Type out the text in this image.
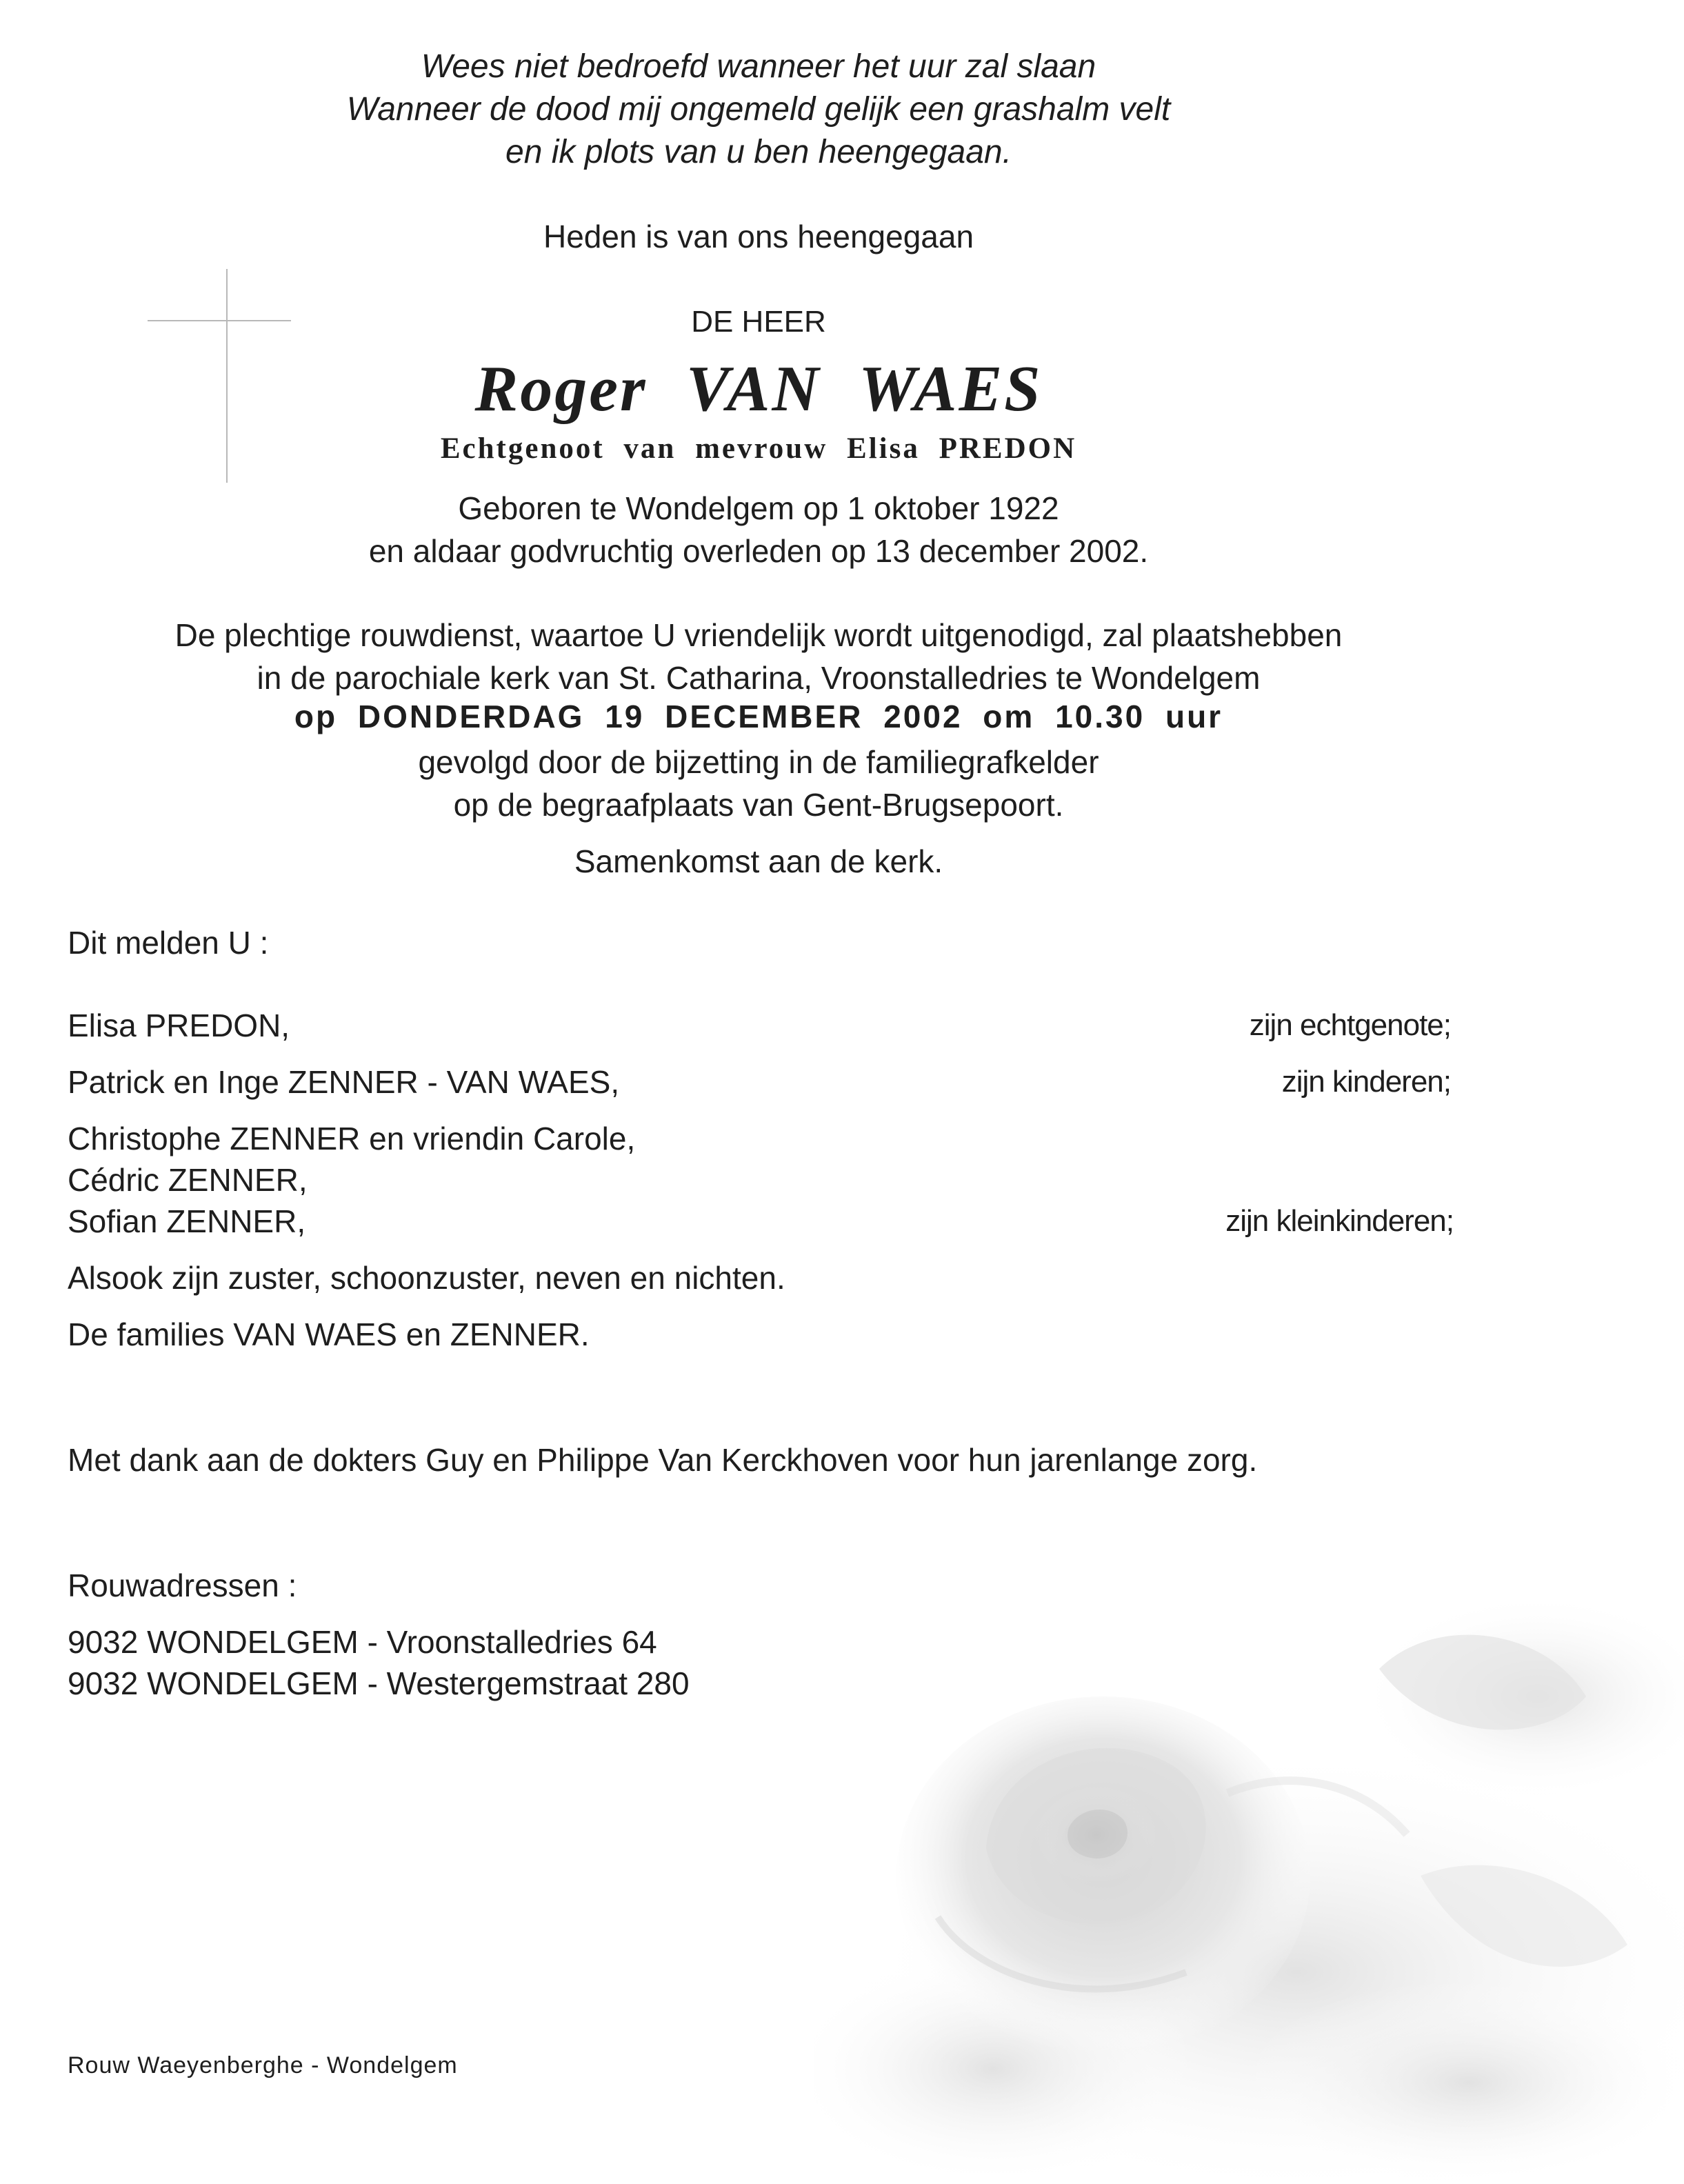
Wees niet bedroefd wanneer het uur zal slaan
Wanneer de dood mij ongemeld gelijk een grashalm velt
en ik plots van u ben heengegaan.
Heden is van ons heengegaan
DE HEER
Roger VAN WAES
Echtgenoot van mevrouw Elisa PREDON
Geboren te Wondelgem op 1 oktober 1922
en aldaar godvruchtig overleden op 13 december 2002.
De plechtige rouwdienst, waartoe U vriendelijk wordt uitgenodigd, zal plaatshebben
in de parochiale kerk van St. Catharina, Vroonstalledries te Wondelgem
op DONDERDAG 19 DECEMBER 2002 om 10.30 uur
gevolgd door de bijzetting in de familiegrafkelder
op de begraafplaats van Gent-Brugsepoort.
Samenkomst aan de kerk.
Dit melden U :
Elisa PREDON,	zijn echtgenote;
Patrick en Inge ZENNER - VAN WAES,	zijn kinderen;
Christophe ZENNER en vriendin Carole,
Cédric ZENNER,
Sofian ZENNER,	zijn kleinkinderen;
Alsook zijn zuster, schoonzuster, neven en nichten.
De families VAN WAES en ZENNER.
Met dank aan de dokters Guy en Philippe Van Kerckhoven voor hun jarenlange zorg.
Rouwadressen :
9032 WONDELGEM - Vroonstalledries 64
9032 WONDELGEM - Westergemstraat 280
Rouw Waeyenberghe - Wondelgem
